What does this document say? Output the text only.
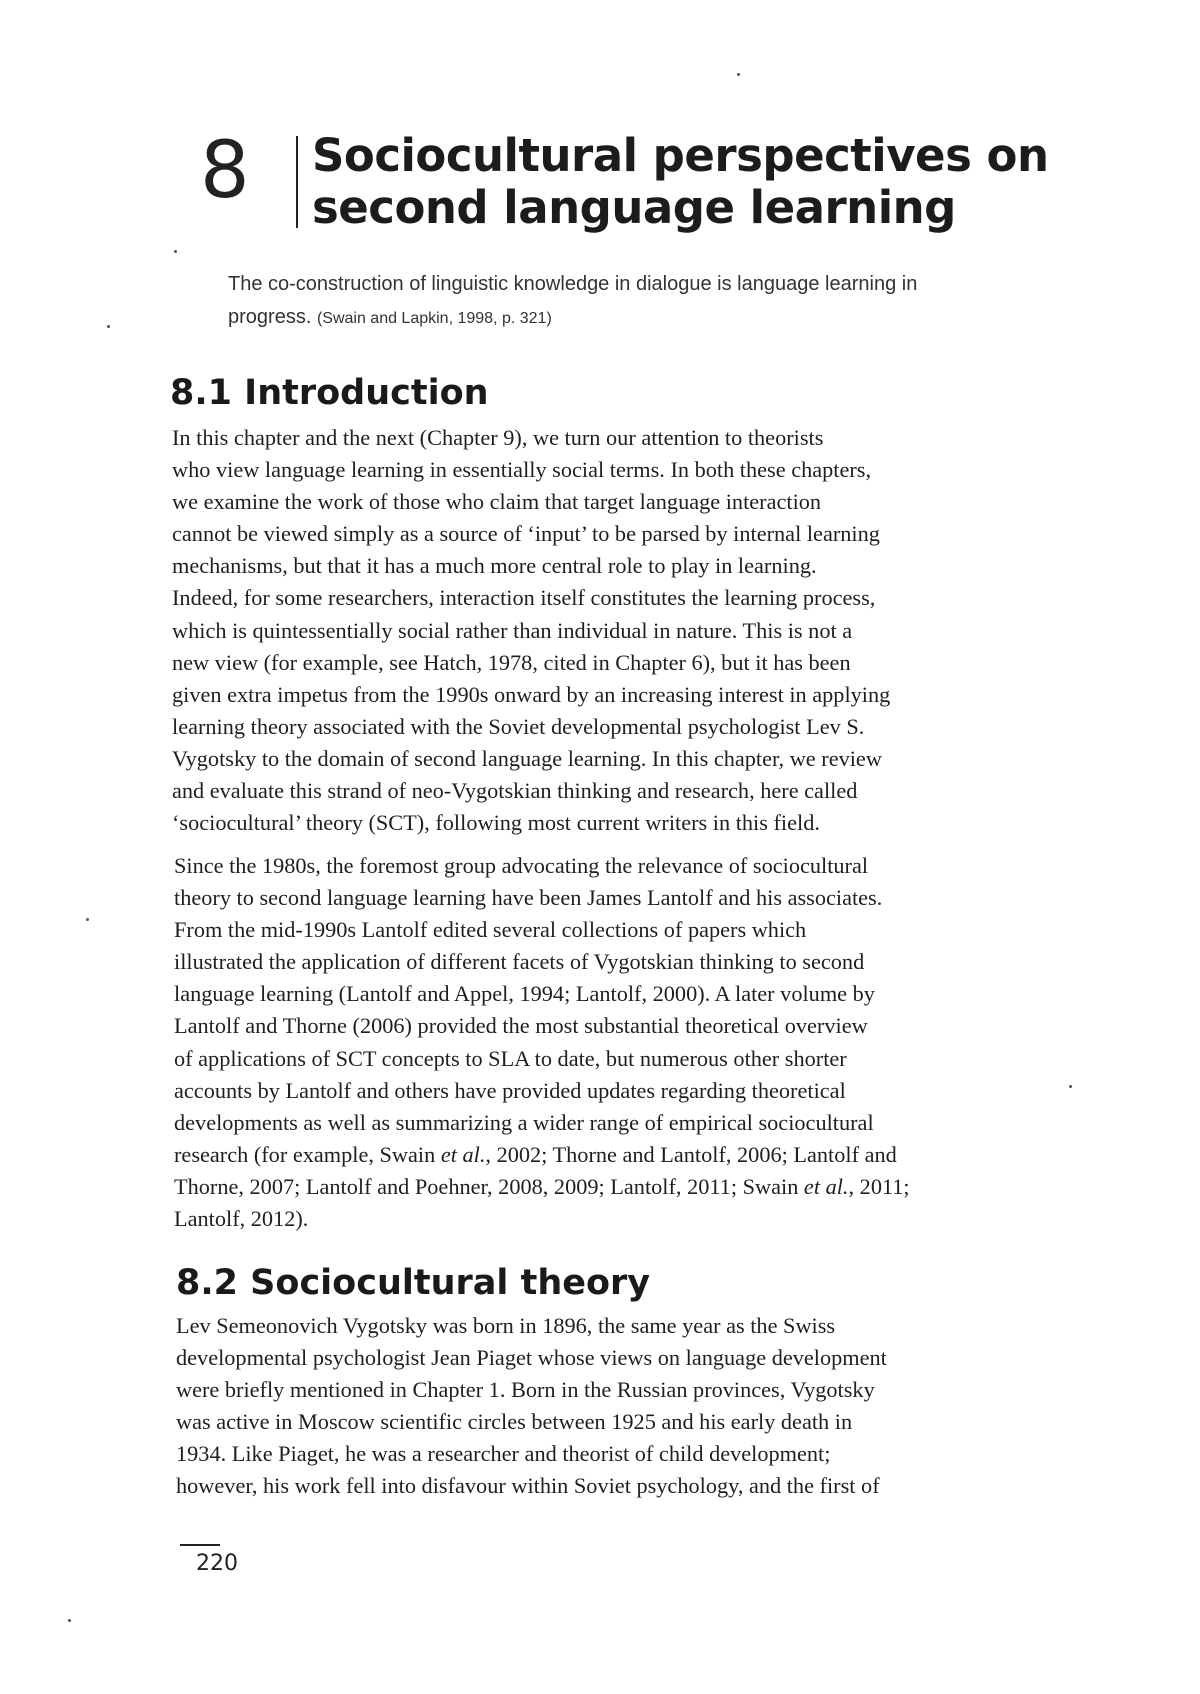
8 Sociocultural perspectives on
second language learning
The co-construction of linguistic knowledge in dialogue is language learning in
progress. (Swain and Lapkin, 1998, p. 321)
8.1 Introduction
In this chapter and the next (Chapter 9), we turn our attention to theorists
who view language learning in essentially social terms. In both these chapters,
we examine the work of those who claim that target language interaction
cannot be viewed simply as a source of ‘input’ to be parsed by internal learning
mechanisms, but that it has a much more central role to play in learning.
Indeed, for some researchers, interaction itself constitutes the learning process,
which is quintessentially social rather than individual in nature. This is not a
new view (for example, see Hatch, 1978, cited in Chapter 6), but it has been
given extra impetus from the 1990s onward by an increasing interest in applying
learning theory associated with the Soviet developmental psychologist Lev S.
Vygotsky to the domain of second language learning. In this chapter, we review
and evaluate this strand of neo-Vygotskian thinking and research, here called
‘sociocultural’ theory (SCT), following most current writers in this field.
Since the 1980s, the foremost group advocating the relevance of sociocultural
theory to second language learning have been James Lantolf and his associates.
From the mid-1990s Lantolf edited several collections of papers which
illustrated the application of different facets of Vygotskian thinking to second
language learning (Lantolf and Appel, 1994; Lantolf, 2000). A later volume by
Lantolf and Thorne (2006) provided the most substantial theoretical overview
of applications of SCT concepts to SLA to date, but numerous other shorter
accounts by Lantolf and others have provided updates regarding theoretical
developments as well as summarizing a wider range of empirical sociocultural
research (for example, Swain et al., 2002; Thorne and Lantolf, 2006; Lantolf and
Thorne, 2007; Lantolf and Poehner, 2008, 2009; Lantolf, 2011; Swain et al., 2011;
Lantolf, 2012).
8.2 Sociocultural theory
Lev Semeonovich Vygotsky was born in 1896, the same year as the Swiss
developmental psychologist Jean Piaget whose views on language development
were briefly mentioned in Chapter 1. Born in the Russian provinces, Vygotsky
was active in Moscow scientific circles between 1925 and his early death in
1934. Like Piaget, he was a researcher and theorist of child development;
however, his work fell into disfavour within Soviet psychology, and the first of
220
